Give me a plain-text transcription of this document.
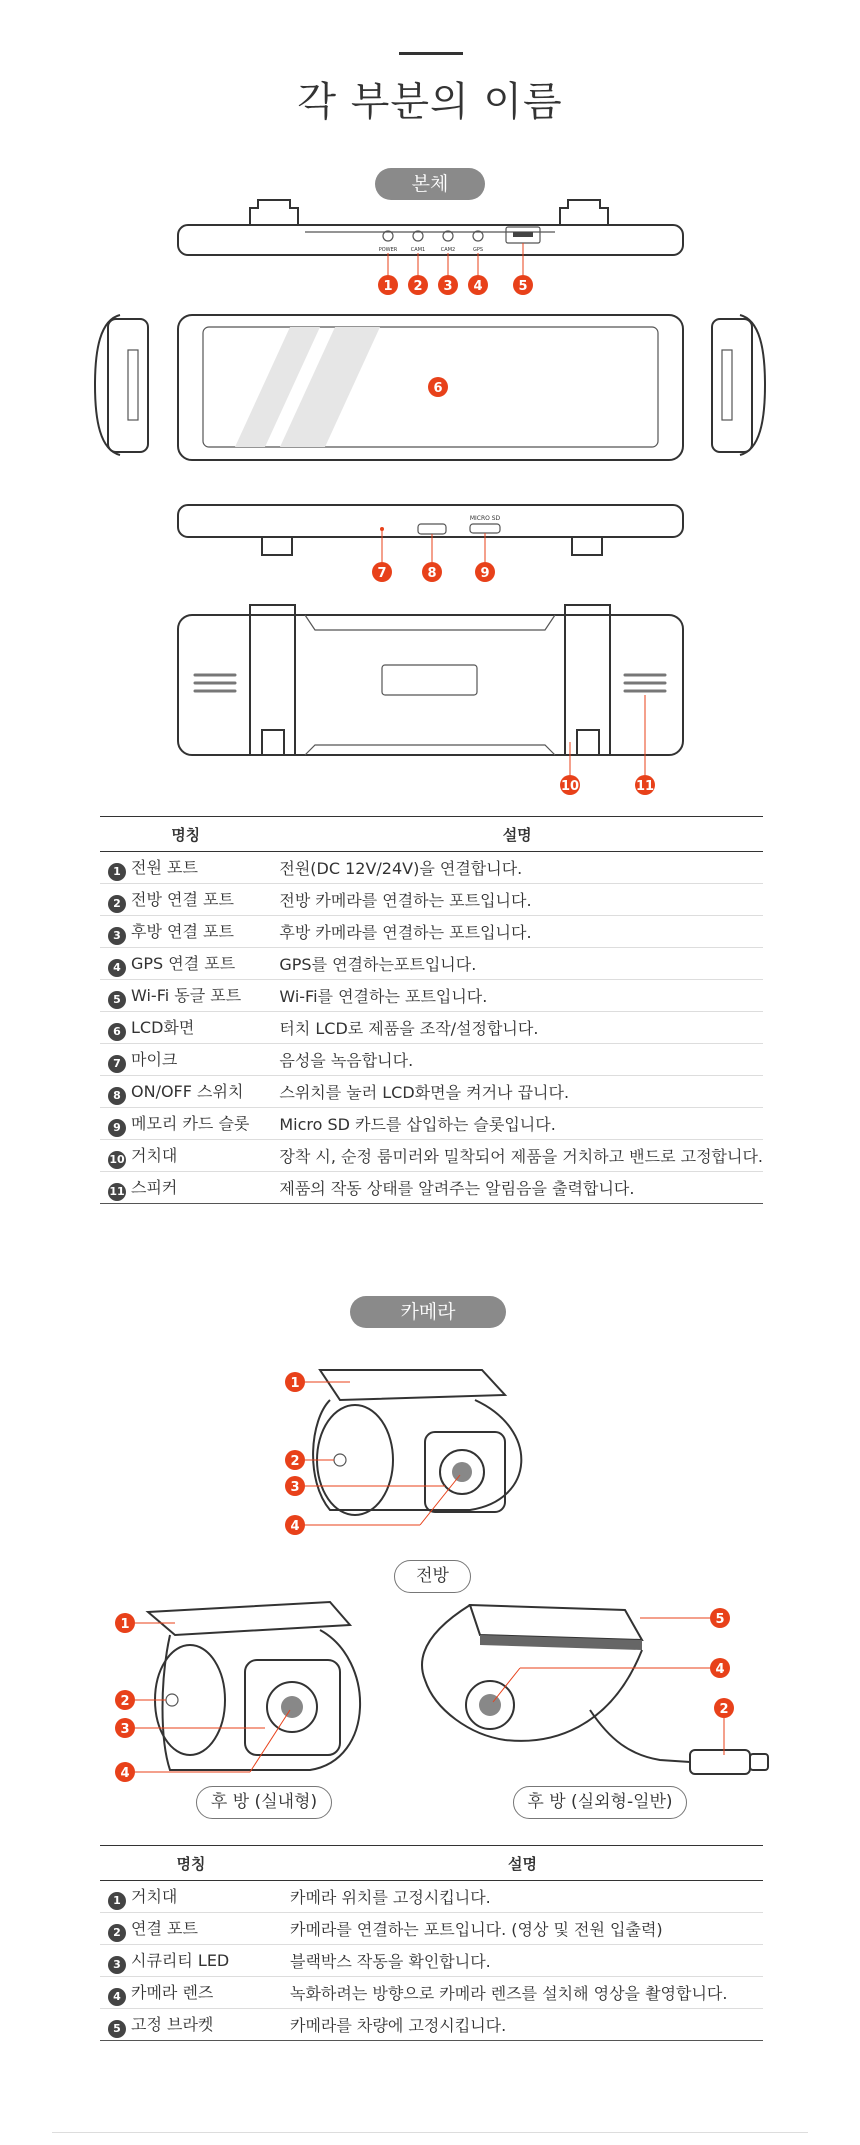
각 부분의 이름
본체
POWER	CAM1	CAM2	GPS
1 2 3 4	5
6
MICRO SD
7	8	9
10	11
명칭	설명
1 전원 포트	전원(DC 12V/24V)을 연결합니다.
2 전방 연결 포트	전방 카메라를 연결하는 포트입니다.
3 후방 연결 포트	후방 카메라를 연결하는 포트입니다.
4 GPS 연결 포트	GPS를 연결하는포트입니다.
5 Wi-Fi 동글 포트	Wi-Fi를 연결하는 포트입니다.
6 LCD화면	터치 LCD로 제품을 조작/설정합니다.
7 마이크	음성을 녹음합니다.
8 ON/OFF 스위치	스위치를 눌러 LCD화면을 켜거나 끕니다.
9 메모리 카드 슬롯	Micro SD 카드를 삽입하는 슬롯입니다.
10 거치대	장착 시, 순정 룸미러와 밀착되어 제품을 거치하고 밴드로 고정합니다.
11 스피커	제품의 작동 상태를 알려주는 알림음을 출력합니다.
카메라
1
2
3
4
전방
1
2
3
4
후 방 (실내형)
5
4
2
후 방 (실외형-일반)
명칭	설명
1 거치대	카메라 위치를 고정시킵니다.
2 연결 포트	카메라를 연결하는 포트입니다. (영상 및 전원 입출력)
3 시큐리티 LED	블랙박스 작동을 확인합니다.
4 카메라 렌즈	녹화하려는 방향으로 카메라 렌즈를 설치해 영상을 촬영합니다.
5 고정 브라켓	카메라를 차량에 고정시킵니다.
